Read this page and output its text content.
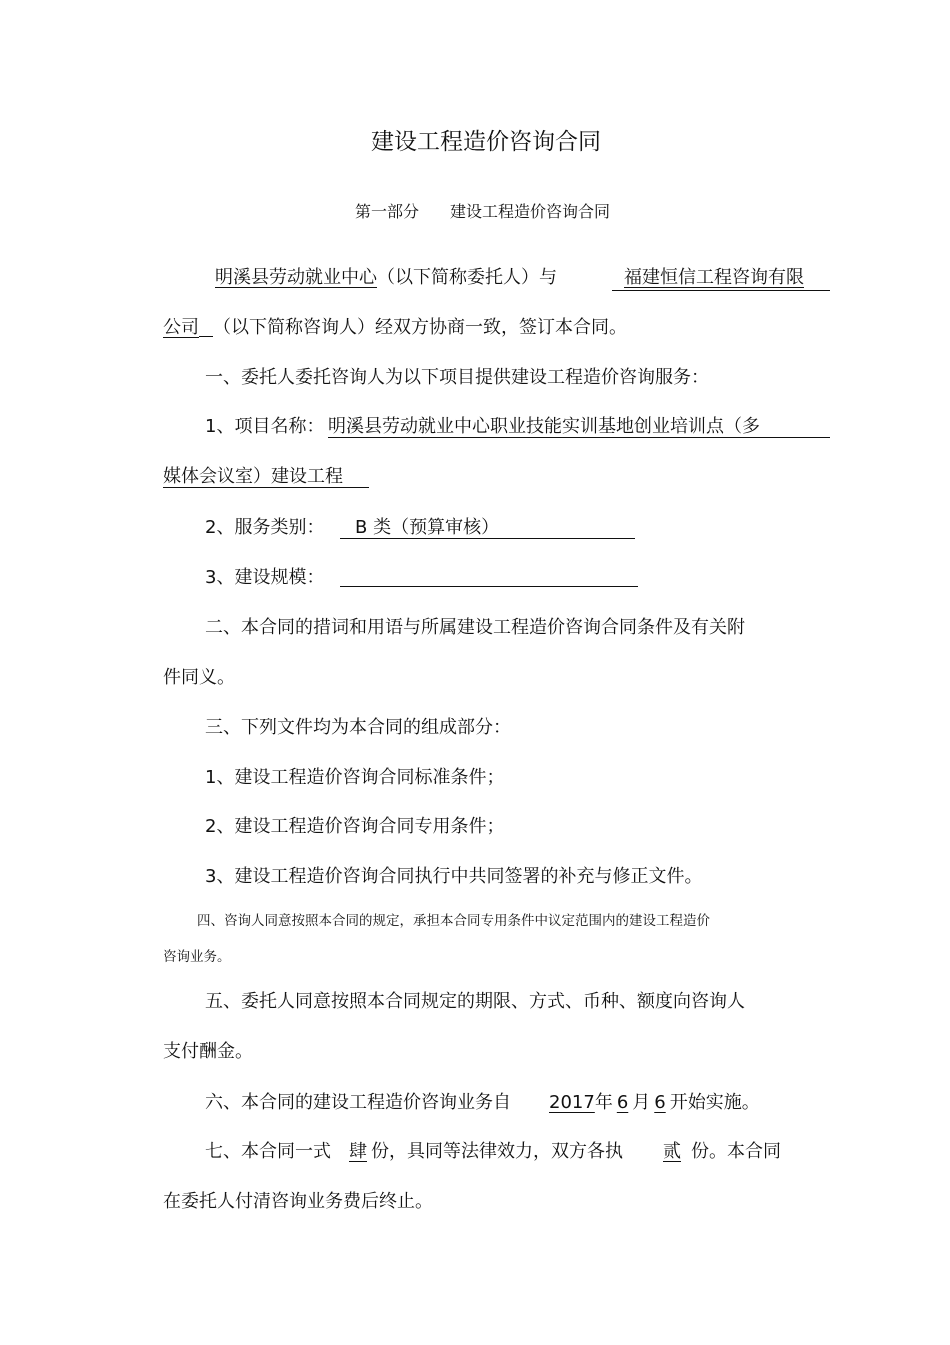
建设工程造价咨询合同
第一部分 建设工程造价咨询合同
明溪县劳动就业中心（以下简称委托人）与	福建恒信工程咨询有限
公司 （以下简称咨询人）经双方协商一致，签订本合同。
一、委托人委托咨询人为以下项目提供建设工程造价咨询服务：
1、项目名称： 明溪县劳动就业中心职业技能实训基地创业培训点（多
媒体会议室）建设工程
2、服务类别： B 类（预算审核）
3、建设规模：
二、本合同的措词和用语与所属建设工程造价咨询合同条件及有关附
件同义。
三、下列文件均为本合同的组成部分：
1、建设工程造价咨询合同标准条件；
2、建设工程造价咨询合同专用条件；
3、建设工程造价咨询合同执行中共同签署的补充与修正文件。
四、咨询人同意按照本合同的规定，承担本合同专用条件中议定范围内的建设工程造价
咨询业务。
五、委托人同意按照本合同规定的期限、方式、币种、额度向咨询人
支付酬金。
六、本合同的建设工程造价咨询业务自 2017年 6 月 6 开始实施。
七、本合同一式 肆 份，具同等法律效力，双方各执 贰 份。本合同
在委托人付清咨询业务费后终止。
